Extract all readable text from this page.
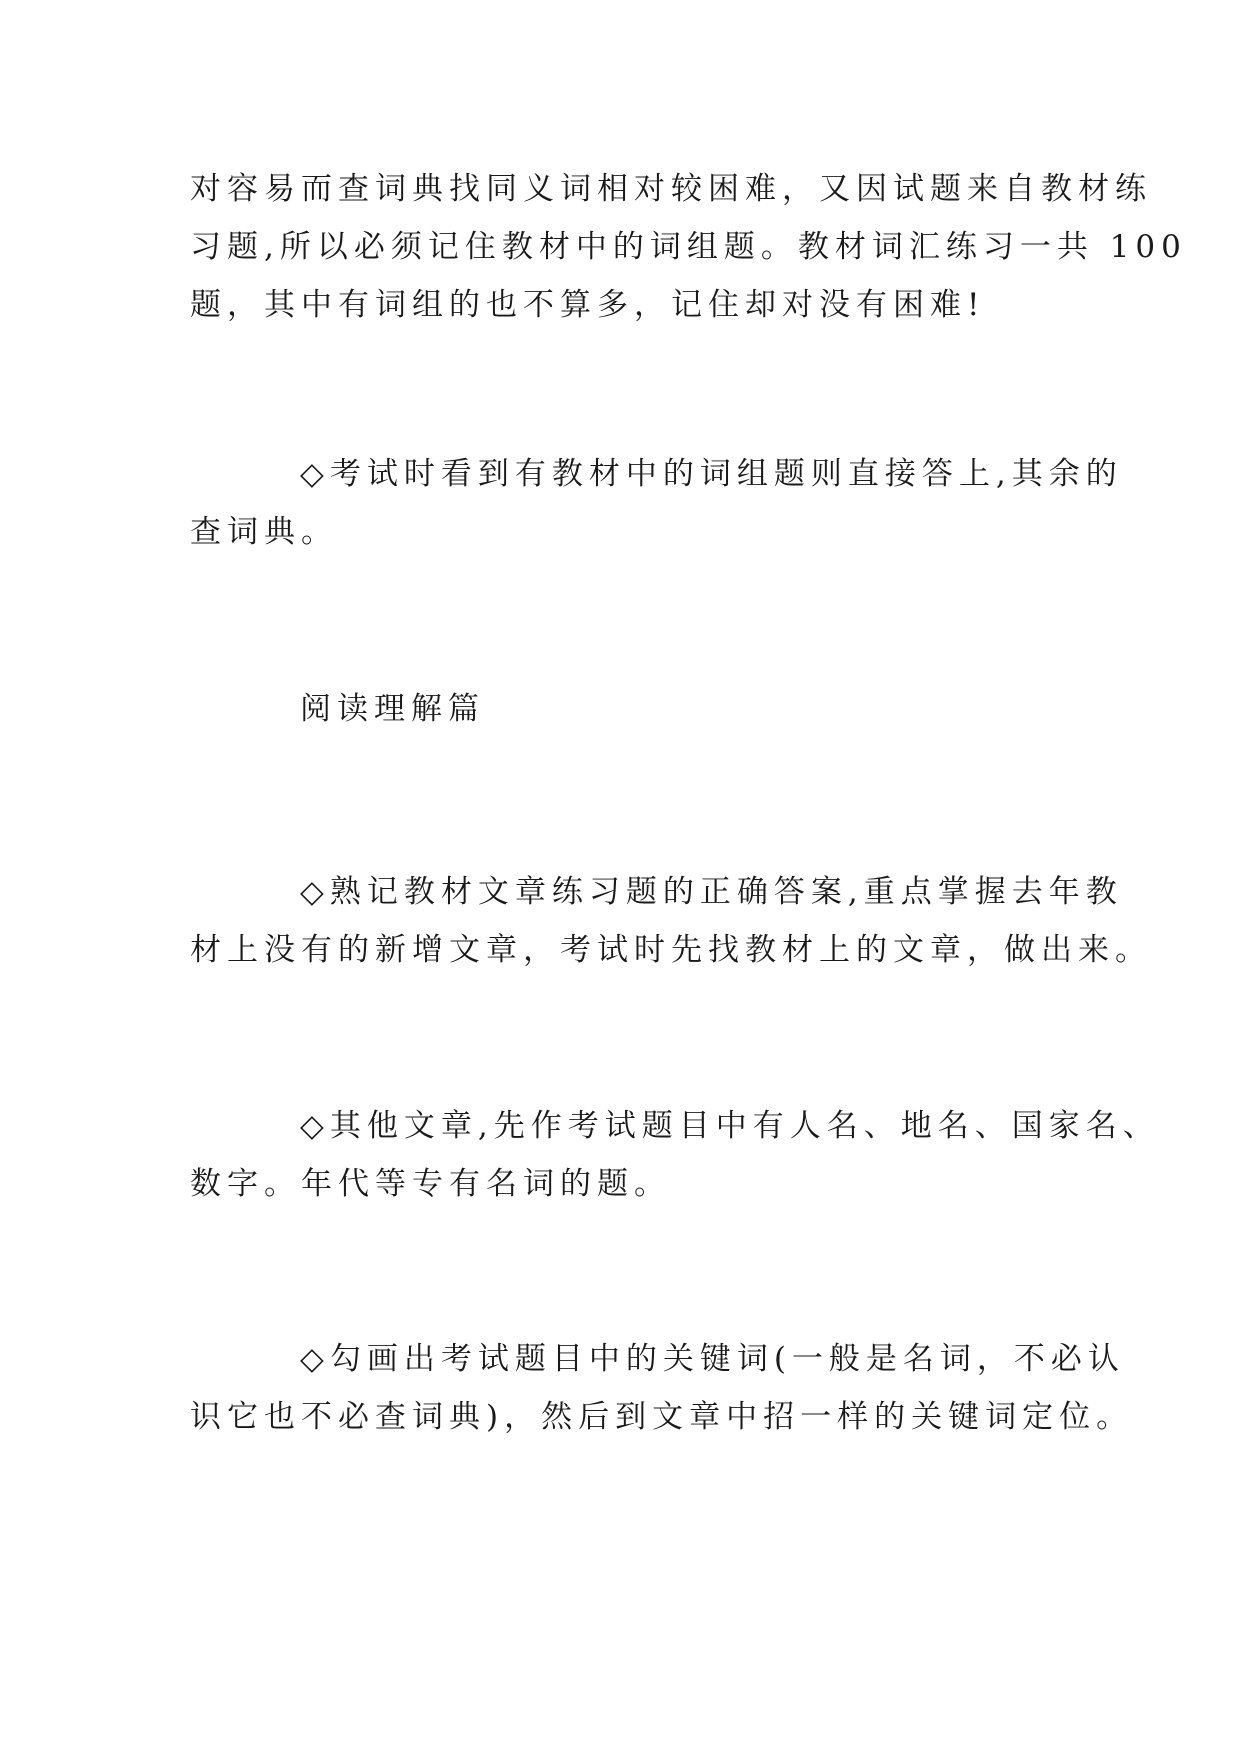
对容易而查词典找同义词相对较困难，又因试题来自教材练
习题,所以必须记住教材中的词组题。教材词汇练习一共 100
题，其中有词组的也不算多，记住却对没有困难!
◇考试时看到有教材中的词组题则直接答上,其余的
查词典。
阅读理解篇
◇熟记教材文章练习题的正确答案,重点掌握去年教
材上没有的新增文章，考试时先找教材上的文章，做出来。
◇其他文章,先作考试题目中有人名、地名、国家名、
数字。年代等专有名词的题。
◇勾画出考试题目中的关键词(一般是名词，不必认
识它也不必查词典)，然后到文章中招一样的关键词定位。
